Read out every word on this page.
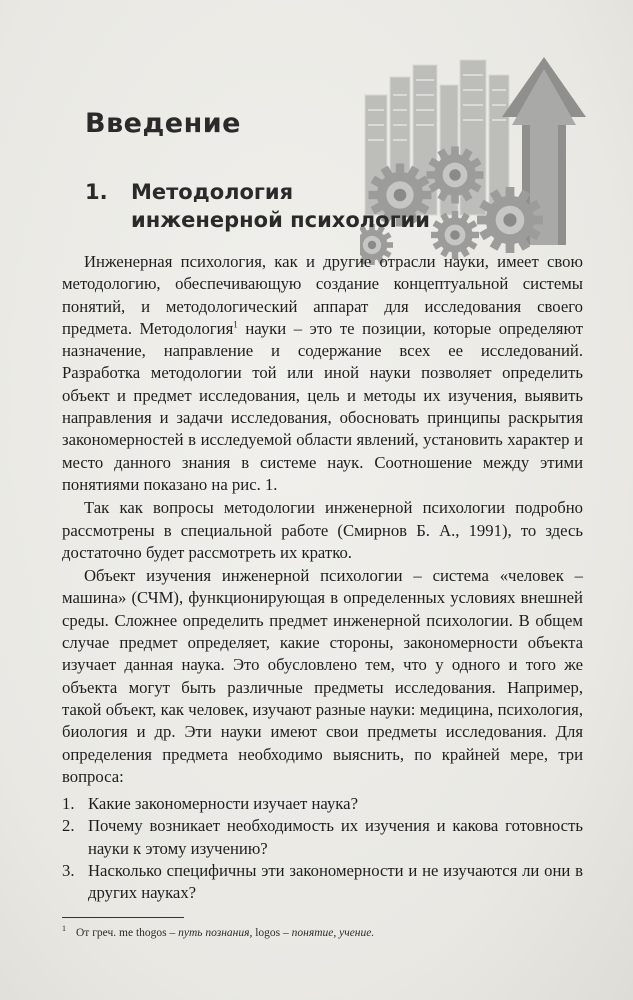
Введение
1. Методология
инженерной психологии

Инженерная психология, как и другие отрасли науки, имеет свою методологию, обеспечивающую создание концептуальной системы понятий, и методологический аппарат для исследования своего предмета. Методология$^1$ науки – это те позиции, которые определяют назначение, направление и содержание всех ее исследований. Разработка методологии той или иной науки позволяет определить объект и предмет исследования, цель и методы их изучения, выявить направления и задачи исследования, обосновать принципы раскрытия закономерностей в исследуемой области явлений, установить характер и место данного знания в системе наук. Соотношение между этими понятиями показано на рис. 1.

Так как вопросы методологии инженерной психологии подробно рассмотрены в специальной работе (Смирнов Б. А., 1991), то здесь достаточно будет рассмотреть их кратко.

Объект изучения инженерной психологии – система «человек – машина» (СЧМ), функционирующая в определенных условиях внешней среды. Сложнее определить предмет инженерной психологии. В общем случае предмет определяет, какие стороны, закономерности объекта изучает данная наука. Это обусловлено тем, что у одного и того же объекта могут быть различные предметы исследования. Например, такой объект, как человек, изучают разные науки: медицина, психология, биология и др. Эти науки имеют свои предметы исследования. Для определения предмета необходимо выяснить, по крайней мере, три вопроса:

1. Какие закономерности изучает наука?
2. Почему возникает необходимость их изучения и какова готовность науки к этому изучению?
3. Насколько специфичны эти закономерности и не изучаются ли они в других науках?
$^1$ От греч. me thogos – путь познания, logos – понятие, учение.
